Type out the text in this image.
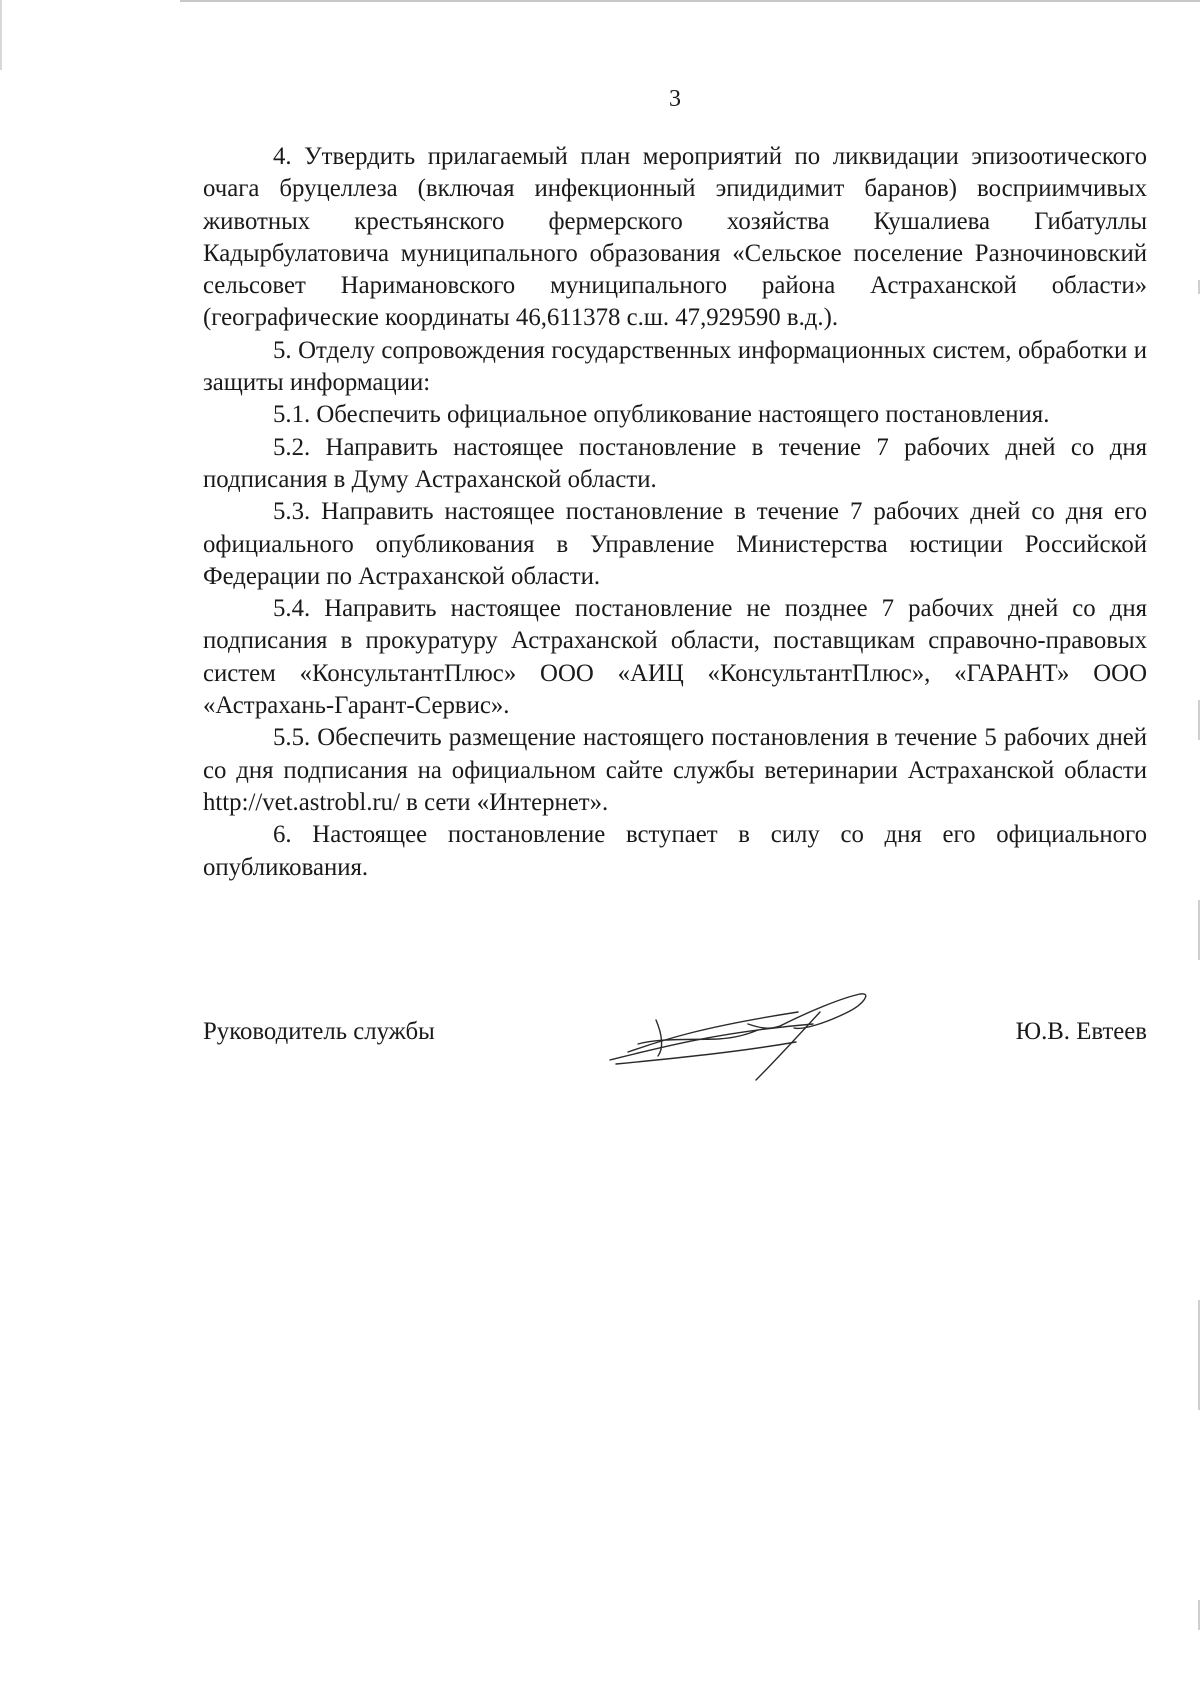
3

4. Утвердить прилагаемый план мероприятий по ликвидации эпизоотического очага бруцеллеза (включая инфекционный эпидидимит баранов) восприимчивых животных крестьянского фермерского хозяйства Кушалиева Гибатуллы Кадырбулатовича муниципального образования «Сельское поселение Разночиновский сельсовет Наримановского муниципального района Астраханской области» (географические координаты 46,611378 с.ш. 47,929590 в.д.).

5. Отделу сопровождения государственных информационных систем, обработки и защиты информации:

5.1. Обеспечить официальное опубликование настоящего постановления.

5.2. Направить настоящее постановление в течение 7 рабочих дней со дня подписания в Думу Астраханской области.

5.3. Направить настоящее постановление в течение 7 рабочих дней со дня его официального опубликования в Управление Министерства юстиции Российской Федерации по Астраханской области.

5.4. Направить настоящее постановление не позднее 7 рабочих дней со дня подписания в прокуратуру Астраханской области, поставщикам справочно-правовых систем «КонсультантПлюс» ООО «АИЦ «КонсультантПлюс», «ГАРАНТ» ООО «Астрахань-Гарант-Сервис».

5.5. Обеспечить размещение настоящего постановления в течение 5 рабочих дней со дня подписания на официальном сайте службы ветеринарии Астраханской области http://vet.astrobl.ru/ в сети «Интернет».

6. Настоящее постановление вступает в силу со дня его официального опубликования.

Руководитель службы	Ю.В. Евтеев
